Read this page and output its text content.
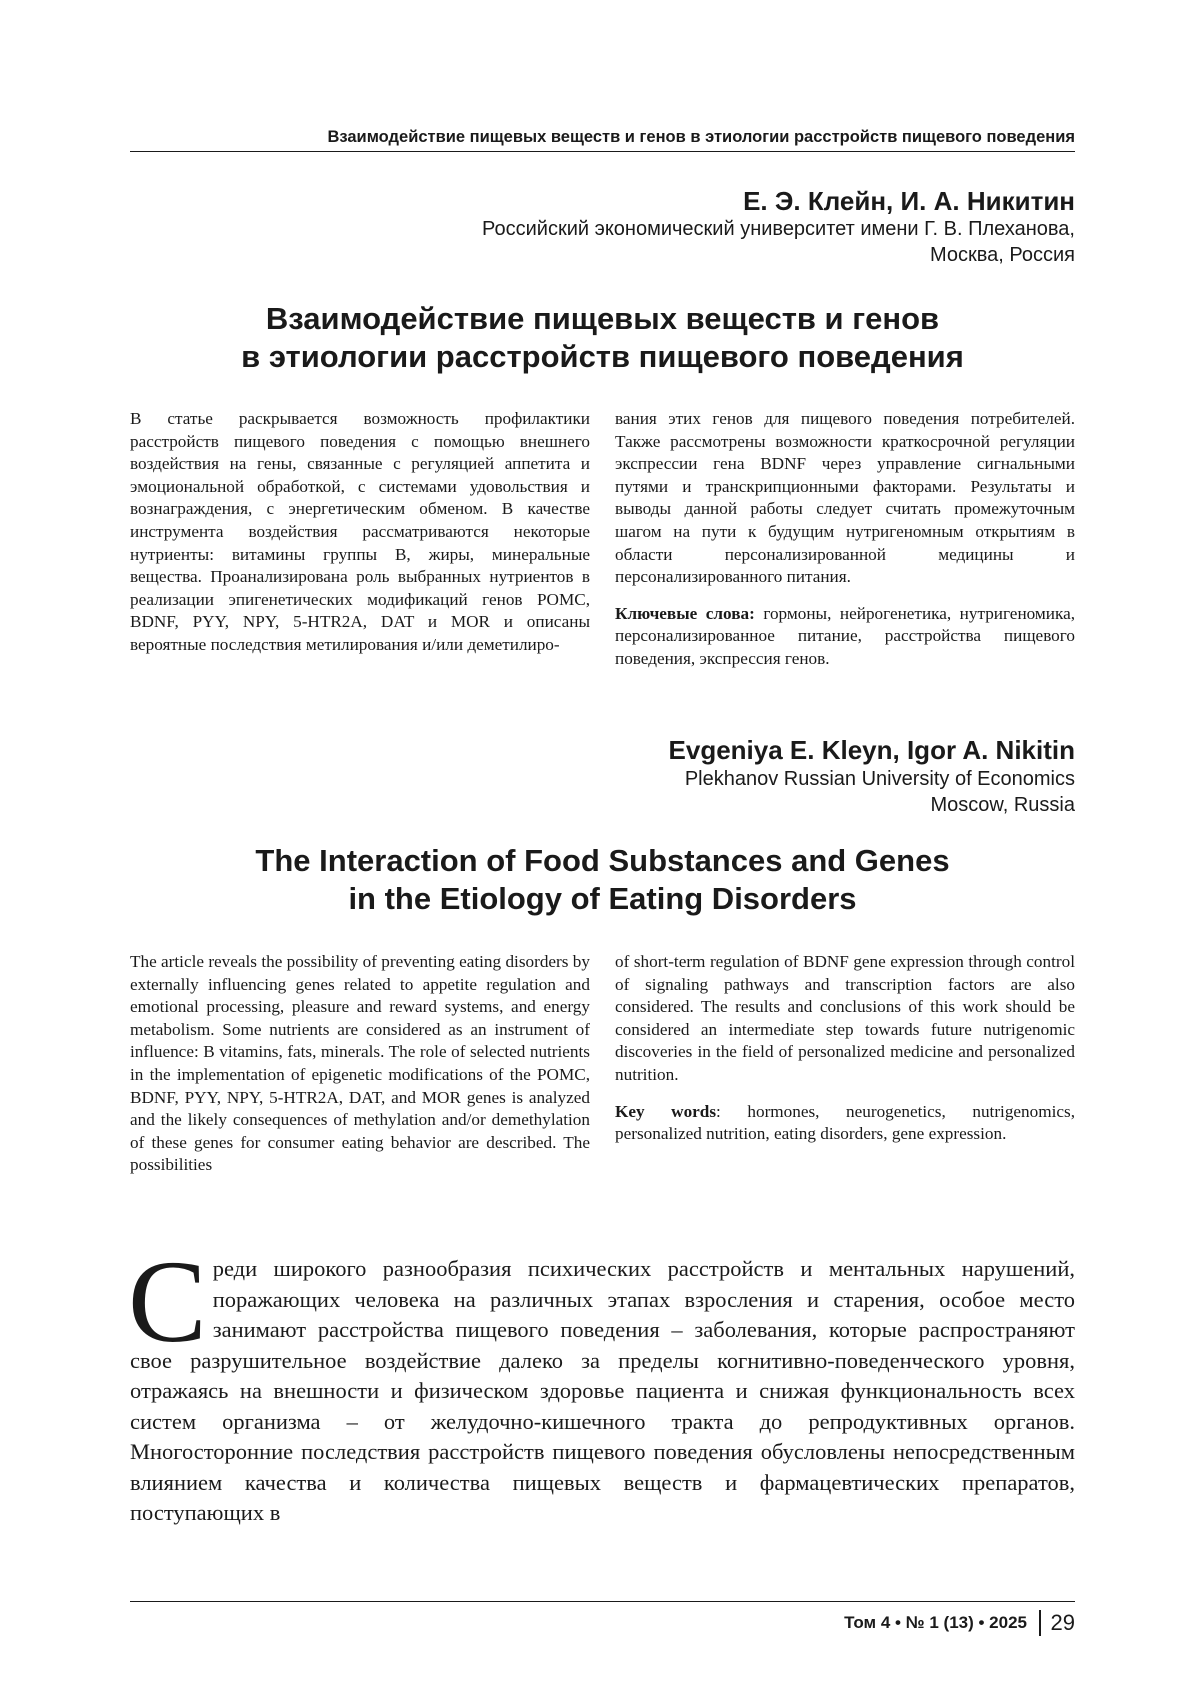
Взаимодействие пищевых веществ и генов в этиологии расстройств пищевого поведения
Е. Э. Клейн, И. А. Никитин
Российский экономический университет имени Г. В. Плеханова,
Москва, Россия
Взаимодействие пищевых веществ и генов
в этиологии расстройств пищевого поведения

В статье раскрывается возможность профилактики расстройств пищевого поведения с помощью внешнего воздействия на гены, связанные с регуляцией аппетита и эмоциональной обработкой, с системами удовольствия и вознаграждения, с энергетическим обменом. В качестве инструмента воздействия рассматриваются некоторые нутриенты: витамины группы В, жиры, минеральные вещества. Проанализирована роль выбранных нутриентов в реализации эпигенетических модификаций генов POMC, BDNF, PYY, NPY, 5-HTR2A, DAT и MOR и описаны вероятные последствия метилирования и/или деметилиро-

вания этих генов для пищевого поведения потребителей. Также рассмотрены возможности краткосрочной регуляции экспрессии гена BDNF через управление сигнальными путями и транскрипционными факторами. Результаты и выводы данной работы следует считать промежуточным шагом на пути к будущим нутригеномным открытиям в области персонализированной медицины и персонализированного питания.

Ключевые слова: гормоны, нейрогенетика, нутригеномика, персонализированное питание, расстройства пищевого поведения, экспрессия генов.

Evgeniya E. Kleyn, Igor A. Nikitin
Plekhanov Russian University of Economics
Moscow, Russia
The Interaction of Food Substances and Genes
in the Etiology of Eating Disorders

The article reveals the possibility of preventing eating disorders by externally influencing genes related to appetite regulation and emotional processing, pleasure and reward systems, and energy metabolism. Some nutrients are considered as an instrument of influence: B vitamins, fats, minerals. The role of selected nutrients in the implementation of epigenetic modifications of the POMC, BDNF, PYY, NPY, 5-HTR2A, DAT, and MOR genes is analyzed and the likely consequences of methylation and/or demethylation of these genes for consumer eating behavior are described. The possibilities

of short-term regulation of BDNF gene expression through control of signaling pathways and transcription factors are also considered. The results and conclusions of this work should be considered an intermediate step towards future nutrigenomic discoveries in the field of personalized medicine and personalized nutrition.

Key words: hormones, neurogenetics, nutrigenomics, personalized nutrition, eating disorders, gene expression.

С реди широкого разнообразия психических расстройств и ментальных нарушений, поражающих человека на различных этапах взросления и старения, особое место занимают расстройства пищевого поведения – заболевания, которые распространяют свое разрушительное воздействие далеко за пределы когнитивно-поведенческого уровня, отражаясь на внешности и физическом здоровье пациента и снижая функциональность всех систем организма – от желудочно-кишечного тракта до репродуктивных органов. Многосторонние последствия расстройств пищевого поведения обусловлены непосредственным влиянием качества и количества пищевых веществ и фармацевтических препаратов, поступающих в
Том 4 • № 1 (13) • 2025 29
